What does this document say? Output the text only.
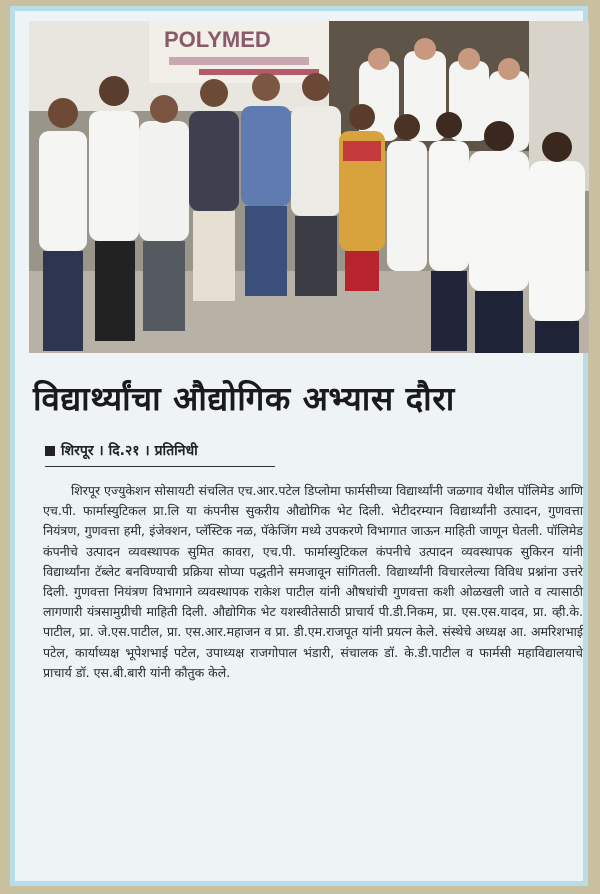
POLYMED
विद्यार्थ्यांचा औद्योगिक अभ्यास दौरा
शिरपूर । दि.२१ । प्रतिनिधी
शिरपूर एज्युकेशन सोसायटी संचलित एच.आर.पटेल डिप्लोमा फार्मसीच्या विद्यार्थ्यांनी जळगाव येथील पॉलिमेड आणि एच.पी. फार्मास्युटिकल प्रा.लि या कंपनीस सुकरीय औद्योगिक भेट दिली. भेटीदरम्यान विद्यार्थ्यांनी उत्पादन, गुणवत्ता नियंत्रण, गुणवत्ता हमी, इंजेक्शन, प्लॅस्टिक नळ, पॅकेजिंग मध्ये उपकरणे विभागात जाऊन माहिती जाणून घेतली. पॉलिमेड कंपनीचे उत्पादन व्यवस्थापक सुमित कावरा, एच.पी. फार्मास्युटिकल कंपनीचे उत्पादन व्यवस्थापक सुकिरन यांनी विद्यार्थ्यांना टॅब्लेट बनविण्याची प्रक्रिया सोप्या पद्धतीने समजावून सांगितली. विद्यार्थ्यांनी विचारलेल्या विविध प्रश्नांना उत्तरे दिली. गुणवत्ता नियंत्रण विभागाने व्यवस्थापक राकेश पाटील यांनी औषधांची गुणवत्ता कशी ओळखली जाते व त्यासाठी लागणारी यंत्रसामुग्रीची माहिती दिली. औद्योगिक भेट यशस्वीतेसाठी प्राचार्य पी.डी.निकम, प्रा. एस.एस.यादव, प्रा. व्ही.के. पाटील, प्रा. जे.एस.पाटील, प्रा. एस.आर.महाजन व प्रा. डी.एम.राजपूत यांनी प्रयत्न केले. संस्थेचे अध्यक्ष आ. अमरिशभाई पटेल, कार्याध्यक्ष भूपेशभाई पटेल, उपाध्यक्ष राजगोपाल भंडारी, संचालक डॉ. के.डी.पाटील व फार्मसी महाविद्यालयाचे प्राचार्य डॉ. एस.बी.बारी यांनी कौतुक केले.
